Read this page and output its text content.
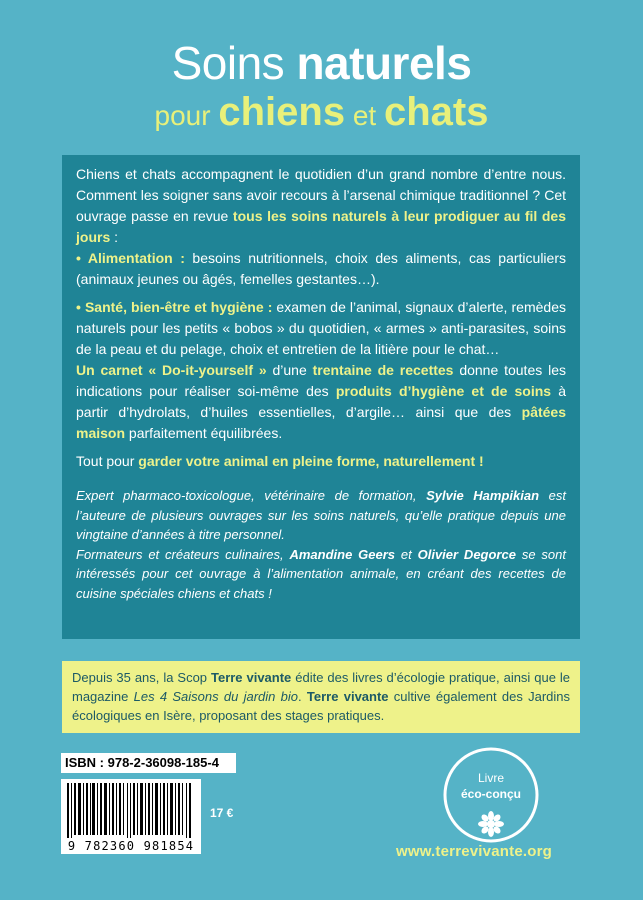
Soins naturels
pour chiens et chats

Chiens et chats accompagnent le quotidien d’un grand nombre d’entre nous. Comment les soigner sans avoir recours à l’arsenal chimique traditionnel ? Cet ouvrage passe en revue tous les soins naturels à leur prodiguer au fil des jours :

• Alimentation : besoins nutritionnels, choix des aliments, cas particuliers (animaux jeunes ou âgés, femelles gestantes…).

• Santé, bien-être et hygiène : examen de l’animal, signaux d’alerte, remèdes naturels pour les petits « bobos » du quotidien, « armes » anti-parasites, soins de la peau et du pelage, choix et entretien de la litière pour le chat…

Un carnet « Do-it-yourself » d’une trentaine de recettes donne toutes les indications pour réaliser soi-même des produits d’hygiène et de soins à partir d’hydrolats, d’huiles essentielles, d’argile… ainsi que des pâtées maison parfaitement équilibrées.

Tout pour garder votre animal en pleine forme, naturellement !

Expert pharmaco-toxicologue, vétérinaire de formation, Sylvie Hampikian est l’auteure de plusieurs ouvrages sur les soins naturels, qu’elle pratique depuis une vingtaine d’années à titre personnel.

Formateurs et créateurs culinaires, Amandine Geers et Olivier Degorce se sont intéressés pour cet ouvrage à l’alimentation animale, en créant des recettes de cuisine spéciales chiens et chats !

Depuis 35 ans, la Scop Terre vivante édite des livres d’écologie pratique, ainsi que le magazine Les 4 Saisons du jardin bio. Terre vivante cultive également des Jardins écologiques en Isère, proposant des stages pratiques.

ISBN : 978-2-36098-185-4
9 782360 981854
17 €
Livre
éco-conçu
www.terrevivante.org
